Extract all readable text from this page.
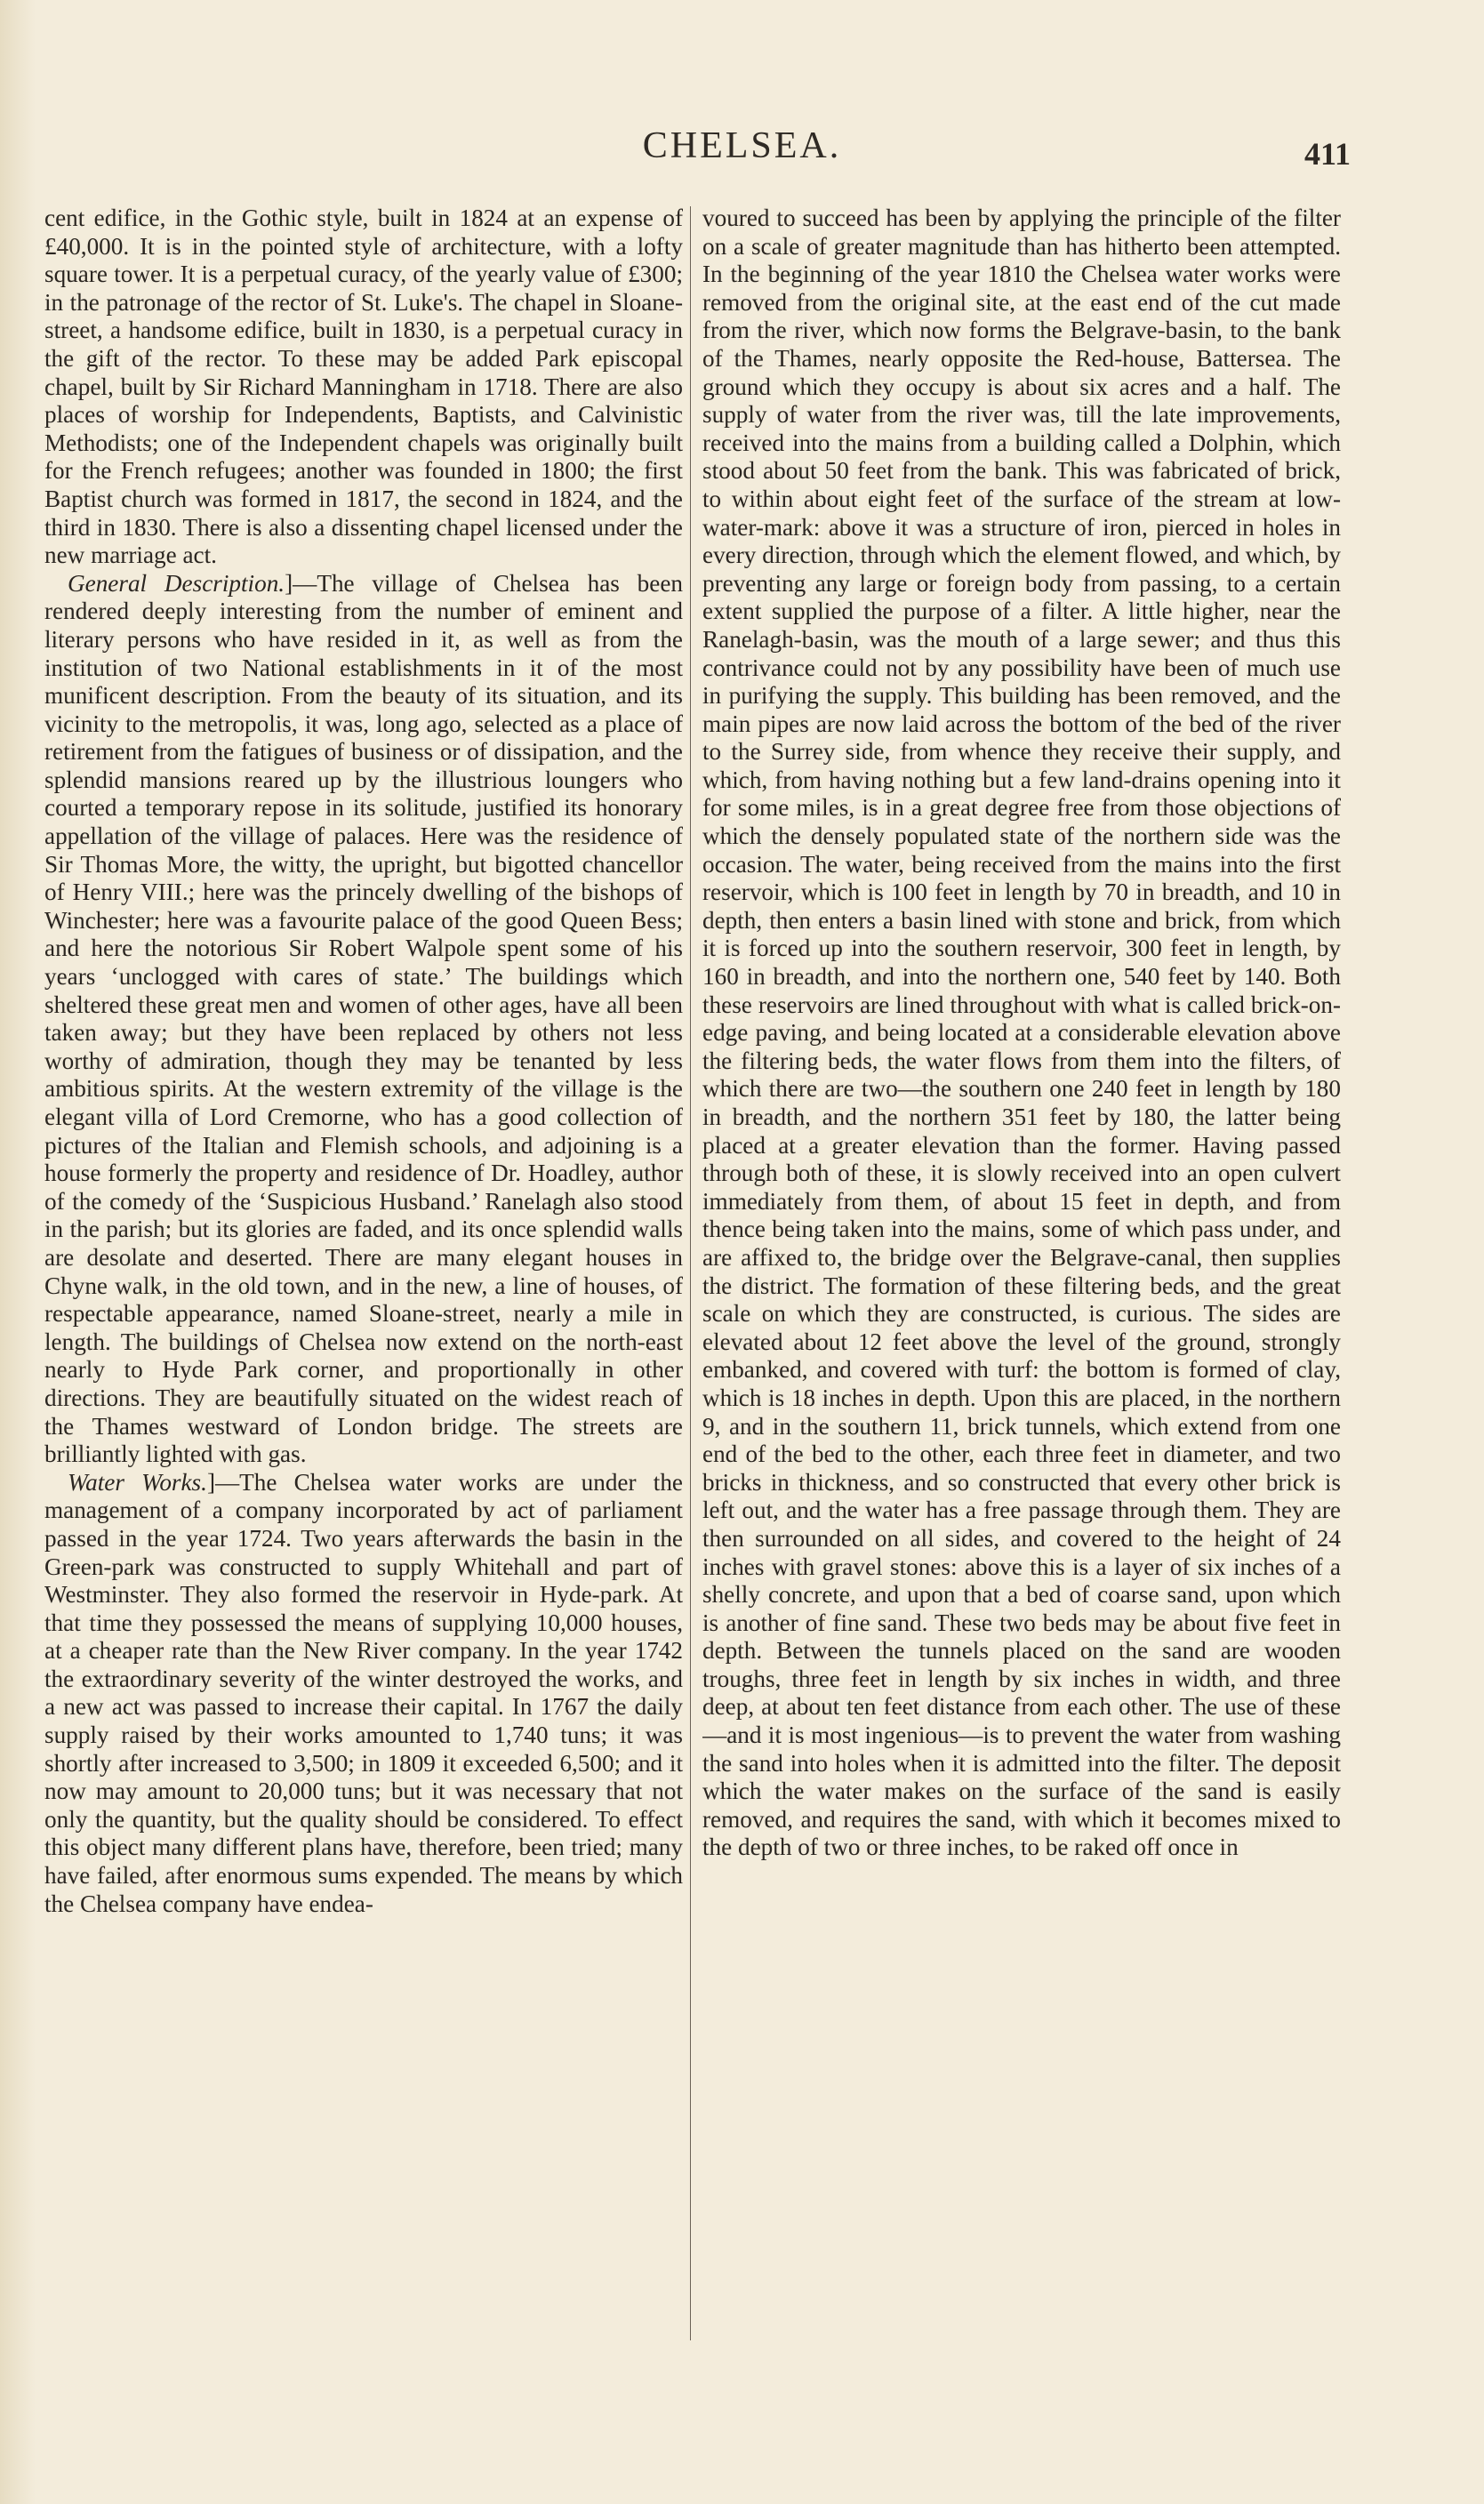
CHELSEA.	411

cent edifice, in the Gothic style, built in 1824 at an expense of £40,000. It is in the pointed style of architecture, with a lofty square tower. It is a perpetual curacy, of the yearly value of £300; in the patronage of the rector of St. Luke's. The chapel in Sloane-street, a handsome edifice, built in 1830, is a perpetual curacy in the gift of the rector. To these may be added Park episcopal chapel, built by Sir Richard Manningham in 1718. There are also places of worship for Independents, Baptists, and Calvinistic Methodists; one of the Independent chapels was originally built for the French refugees; another was founded in 1800; the first Baptist church was formed in 1817, the second in 1824, and the third in 1830. There is also a dissenting chapel licensed under the new marriage act.

General Description.]—The village of Chelsea has been rendered deeply interesting from the number of eminent and literary persons who have resided in it, as well as from the institution of two National establishments in it of the most munificent description. From the beauty of its situation, and its vicinity to the metropolis, it was, long ago, selected as a place of retirement from the fatigues of business or of dissipation, and the splendid mansions reared up by the illustrious loungers who courted a temporary repose in its solitude, justified its honorary appellation of the village of palaces. Here was the residence of Sir Thomas More, the witty, the upright, but bigotted chancellor of Henry VIII.; here was the princely dwelling of the bishops of Winchester; here was a favourite palace of the good Queen Bess; and here the notorious Sir Robert Walpole spent some of his years ‘unclogged with cares of state.’ The buildings which sheltered these great men and women of other ages, have all been taken away; but they have been replaced by others not less worthy of admiration, though they may be tenanted by less ambitious spirits. At the western extremity of the village is the elegant villa of Lord Cremorne, who has a good collection of pictures of the Italian and Flemish schools, and adjoining is a house formerly the property and residence of Dr. Hoadley, author of the comedy of the ‘Suspicious Husband.’ Ranelagh also stood in the parish; but its glories are faded, and its once splendid walls are desolate and deserted. There are many elegant houses in Chyne walk, in the old town, and in the new, a line of houses, of respectable appearance, named Sloane-street, nearly a mile in length. The buildings of Chelsea now extend on the north-east nearly to Hyde Park corner, and proportionally in other directions. They are beautifully situated on the widest reach of the Thames westward of London bridge. The streets are brilliantly lighted with gas.

Water Works.]—The Chelsea water works are under the management of a company incorporated by act of parliament passed in the year 1724. Two years afterwards the basin in the Green-park was constructed to supply Whitehall and part of Westminster. They also formed the reservoir in Hyde-park. At that time they possessed the means of supplying 10,000 houses, at a cheaper rate than the New River company. In the year 1742 the extraordinary severity of the winter destroyed the works, and a new act was passed to increase their capital. In 1767 the daily supply raised by their works amounted to 1,740 tuns; it was shortly after increased to 3,500; in 1809 it exceeded 6,500; and it now may amount to 20,000 tuns; but it was necessary that not only the quantity, but the quality should be considered. To effect this object many different plans have, therefore, been tried; many have failed, after enormous sums expended. The means by which the Chelsea company have endea-

voured to succeed has been by applying the principle of the filter on a scale of greater magnitude than has hitherto been attempted. In the beginning of the year 1810 the Chelsea water works were removed from the original site, at the east end of the cut made from the river, which now forms the Belgrave-basin, to the bank of the Thames, nearly opposite the Red-house, Battersea. The ground which they occupy is about six acres and a half. The supply of water from the river was, till the late improvements, received into the mains from a building called a Dolphin, which stood about 50 feet from the bank. This was fabricated of brick, to within about eight feet of the surface of the stream at low-water-mark: above it was a structure of iron, pierced in holes in every direction, through which the element flowed, and which, by preventing any large or foreign body from passing, to a certain extent supplied the purpose of a filter. A little higher, near the Ranelagh-basin, was the mouth of a large sewer; and thus this contrivance could not by any possibility have been of much use in purifying the supply. This building has been removed, and the main pipes are now laid across the bottom of the bed of the river to the Surrey side, from whence they receive their supply, and which, from having nothing but a few land-drains opening into it for some miles, is in a great degree free from those objections of which the densely populated state of the northern side was the occasion. The water, being received from the mains into the first reservoir, which is 100 feet in length by 70 in breadth, and 10 in depth, then enters a basin lined with stone and brick, from which it is forced up into the southern reservoir, 300 feet in length, by 160 in breadth, and into the northern one, 540 feet by 140. Both these reservoirs are lined throughout with what is called brick-on-edge paving, and being located at a considerable elevation above the filtering beds, the water flows from them into the filters, of which there are two—the southern one 240 feet in length by 180 in breadth, and the northern 351 feet by 180, the latter being placed at a greater elevation than the former. Having passed through both of these, it is slowly received into an open culvert immediately from them, of about 15 feet in depth, and from thence being taken into the mains, some of which pass under, and are affixed to, the bridge over the Belgrave-canal, then supplies the district. The formation of these filtering beds, and the great scale on which they are constructed, is curious. The sides are elevated about 12 feet above the level of the ground, strongly embanked, and covered with turf: the bottom is formed of clay, which is 18 inches in depth. Upon this are placed, in the northern 9, and in the southern 11, brick tunnels, which extend from one end of the bed to the other, each three feet in diameter, and two bricks in thickness, and so constructed that every other brick is left out, and the water has a free passage through them. They are then surrounded on all sides, and covered to the height of 24 inches with gravel stones: above this is a layer of six inches of a shelly concrete, and upon that a bed of coarse sand, upon which is another of fine sand. These two beds may be about five feet in depth. Between the tunnels placed on the sand are wooden troughs, three feet in length by six inches in width, and three deep, at about ten feet distance from each other. The use of these—and it is most ingenious—is to prevent the water from washing the sand into holes when it is admitted into the filter. The deposit which the water makes on the surface of the sand is easily removed, and requires the sand, with which it becomes mixed to the depth of two or three inches, to be raked off once in
